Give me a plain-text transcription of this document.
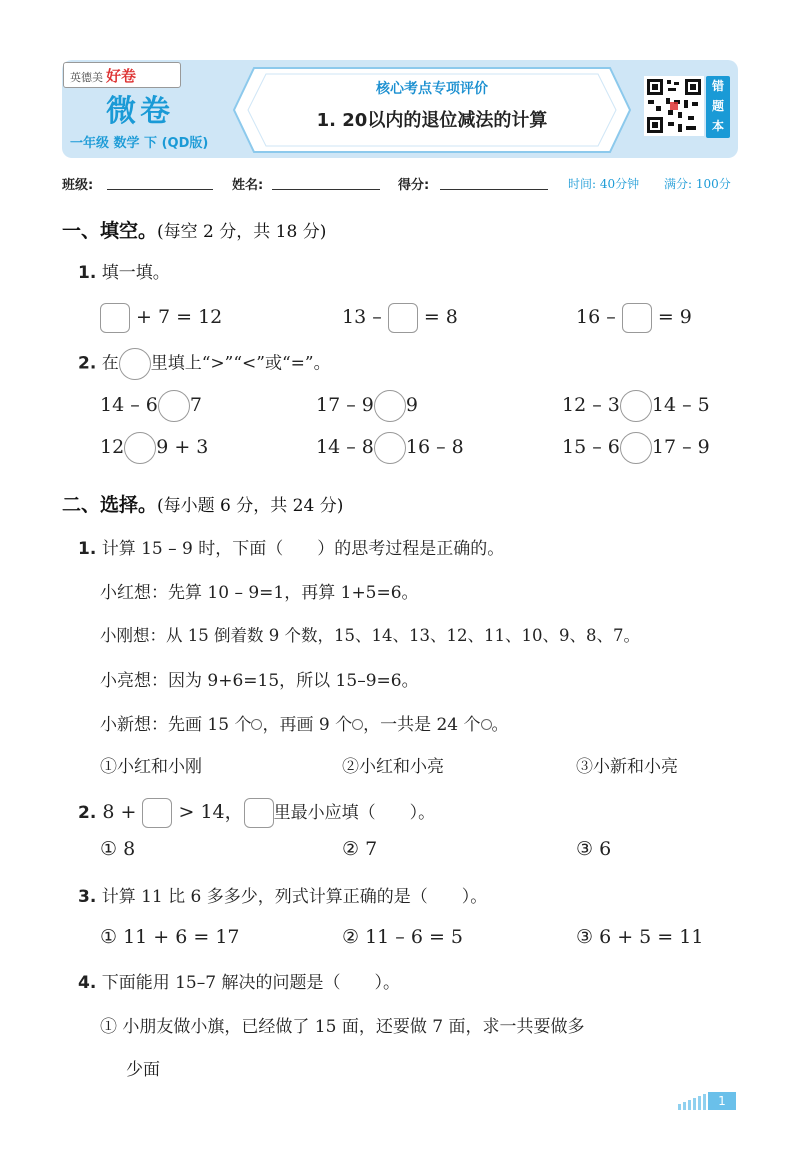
英德美 好卷
微卷
一年级 数学 下 (QD版)
核心考点专项评价
1. 20以内的退位减法的计算
错
题
本
班级:	姓名:	得分:	时间: 40分钟 满分: 100分
一、填空。(每空 2 分，共 18 分)
1. 填一填。
+ 7 = 12	13 – = 8	16 – = 9
2. 在 里填上“>”“<”或“=”。
14 – 6 7	17 – 9 9	12 – 3 14 – 5
12 9 + 3	14 – 8 16 – 8	15 – 6 17 – 9
二、选择。(每小题 6 分，共 24 分)
1. 计算 15 – 9 时，下面（　　）的思考过程是正确的。
小红想：先算 10 – 9=1，再算 1+5=6。
小刚想：从 15 倒着数 9 个数，15、14、13、12、11、10、9、8、7。
小亮想：因为 9+6=15，所以 15–9=6。
小新想：先画 15 个 ，再画 9 个 ，一共是 24 个 。
①小红和小刚	②小红和小亮	③小新和小亮
2. 8 + > 14， 里最小应填（　　）。
① 8	② 7	③ 6
3. 计算 11 比 6 多多少，列式计算正确的是（　　）。
① 11 + 6 = 17	② 11 – 6 = 5	③ 6 + 5 = 11
4. 下面能用 15–7 解决的问题是（　　）。
① 小朋友做小旗，已经做了 15 面，还要做 7 面，求一共要做多
少面
1
